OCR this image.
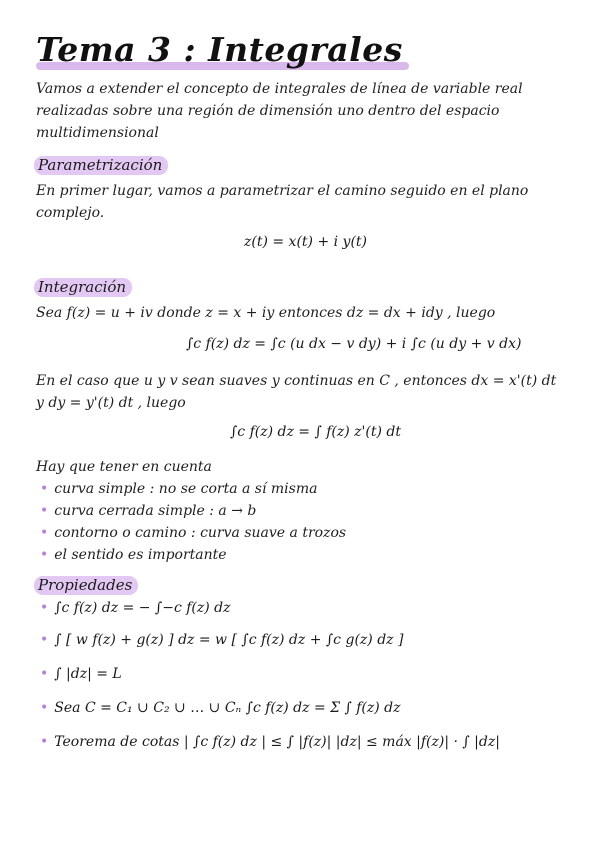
Tema 3 : Integrales
Vamos a extender el concepto de integrales de línea de variable real realizadas sobre una región de dimensión uno dentro del espacio multidimensional
Parametrización
En primer lugar, vamos a parametrizar el camino seguido en el plano complejo.
z(t) = x(t) + i y(t)
Integración
Sea f(z) = u + iv donde z = x + iy entonces dz = dx + idy , luego
∫c f(z) dz = ∫c (u dx − v dy) + i ∫c (u dy + v dx)
En el caso que u y v sean suaves y continuas en C , entonces dx = x'(t) dt y dy = y'(t) dt , luego
∫c f(z) dz = ∫ f(z) z'(t) dt
Hay que tener en cuenta
• curva simple : no se corta a sí misma
• curva cerrada simple : a → b
• contorno o camino : curva suave a trozos
• el sentido es importante
Propiedades
• ∫c f(z) dz = − ∫−c f(z) dz
• ∫ [ w f(z) + g(z) ] dz = w [ ∫c f(z) dz + ∫c g(z) dz ]
• ∫ |dz| = L
• Sea C = C₁ ∪ C₂ ∪ … ∪ Cₙ ∫c f(z) dz = Σ ∫ f(z) dz
• Teorema de cotas | ∫c f(z) dz | ≤ ∫ |f(z)| |dz| ≤ máx |f(z)| · ∫ |dz|
